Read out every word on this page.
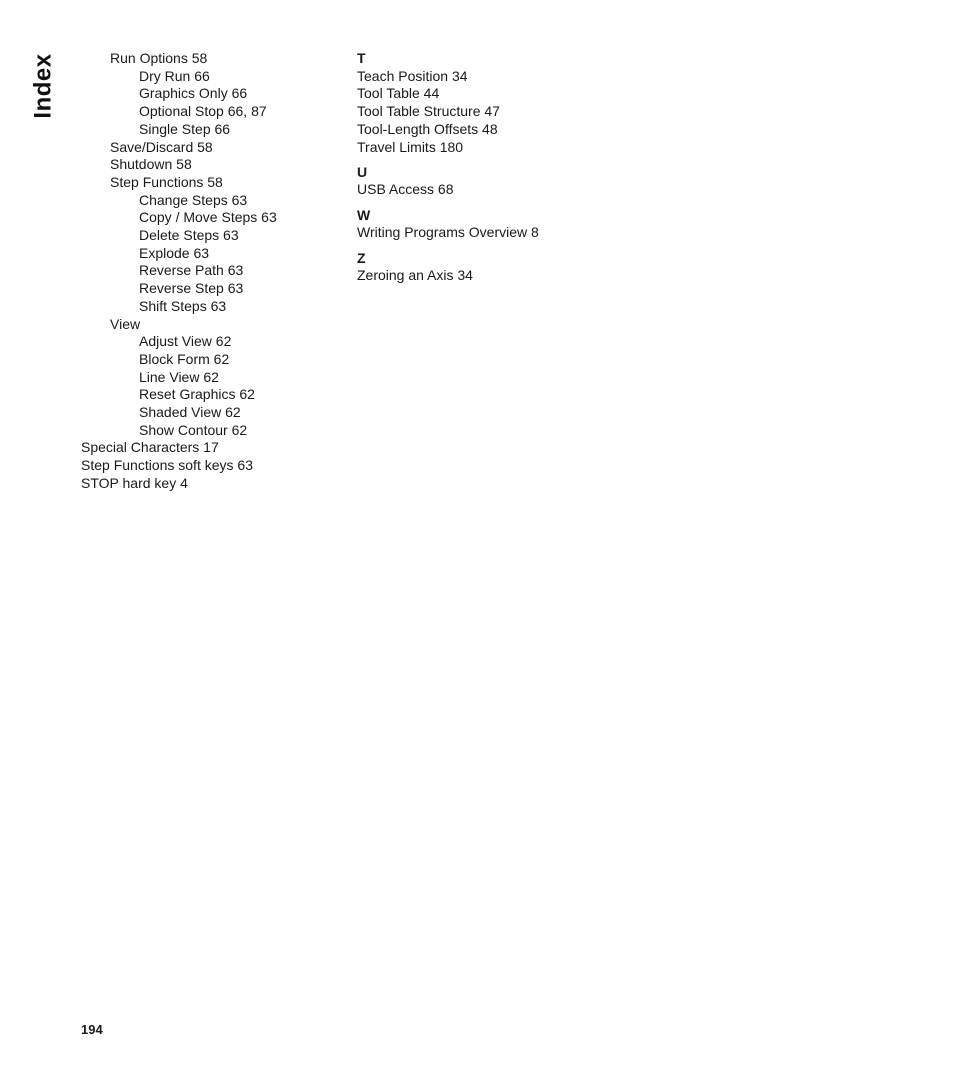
Index	Run Options 58
Dry Run 66
Graphics Only 66
Optional Stop 66, 87
Single Step 66
Save/Discard 58
Shutdown 58
Step Functions 58
Change Steps 63
Copy / Move Steps 63
Delete Steps 63
Explode 63
Reverse Path 63
Reverse Step 63
Shift Steps 63
View
Adjust View 62
Block Form 62
Line View 62
Reset Graphics 62
Shaded View 62
Show Contour 62
Special Characters 17
Step Functions soft keys 63
STOP hard key 4
T
Teach Position 34
Tool Table 44
Tool Table Structure 47
Tool-Length Offsets 48
Travel Limits 180
U
USB Access 68
W
Writing Programs Overview 8
Z
Zeroing an Axis 34
194
